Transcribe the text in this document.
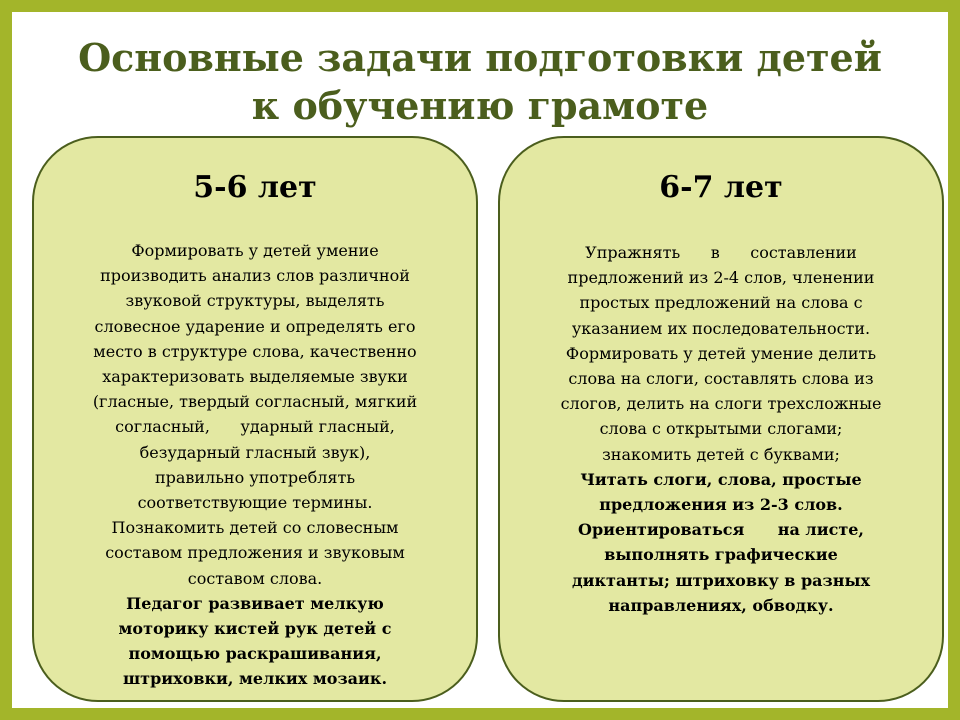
Основные задачи подготовки детей
к обучению грамоте
5-6 лет
Формировать у детей умение
производить анализ слов различной
звуковой структуры, выделять
словесное ударение и определять его
место в структуре слова, качественно
характеризовать выделяемые звуки
(гласные, твердый согласный, мягкий
согласный,      ударный гласный,
безударный гласный звук),
правильно употреблять
соответствующие термины.
Познакомить детей со словесным
составом предложения и звуковым
составом слова.
Педагог развивает мелкую
моторику кистей рук детей с
помощью раскрашивания,
штриховки, мелких мозаик.
6-7 лет
Упражнять      в      составлении
предложений из 2-4 слов, членении
простых предложений на слова с
указанием их последовательности.
Формировать у детей умение делить
слова на слоги, составлять слова из
слогов, делить на слоги трехсложные
слова с открытыми слогами;
знакомить детей с буквами;
Читать слоги, слова, простые
предложения из 2-3 слов.
Ориентироваться      на листе,
выполнять графические
диктанты; штриховку в разных
направлениях, обводку.
